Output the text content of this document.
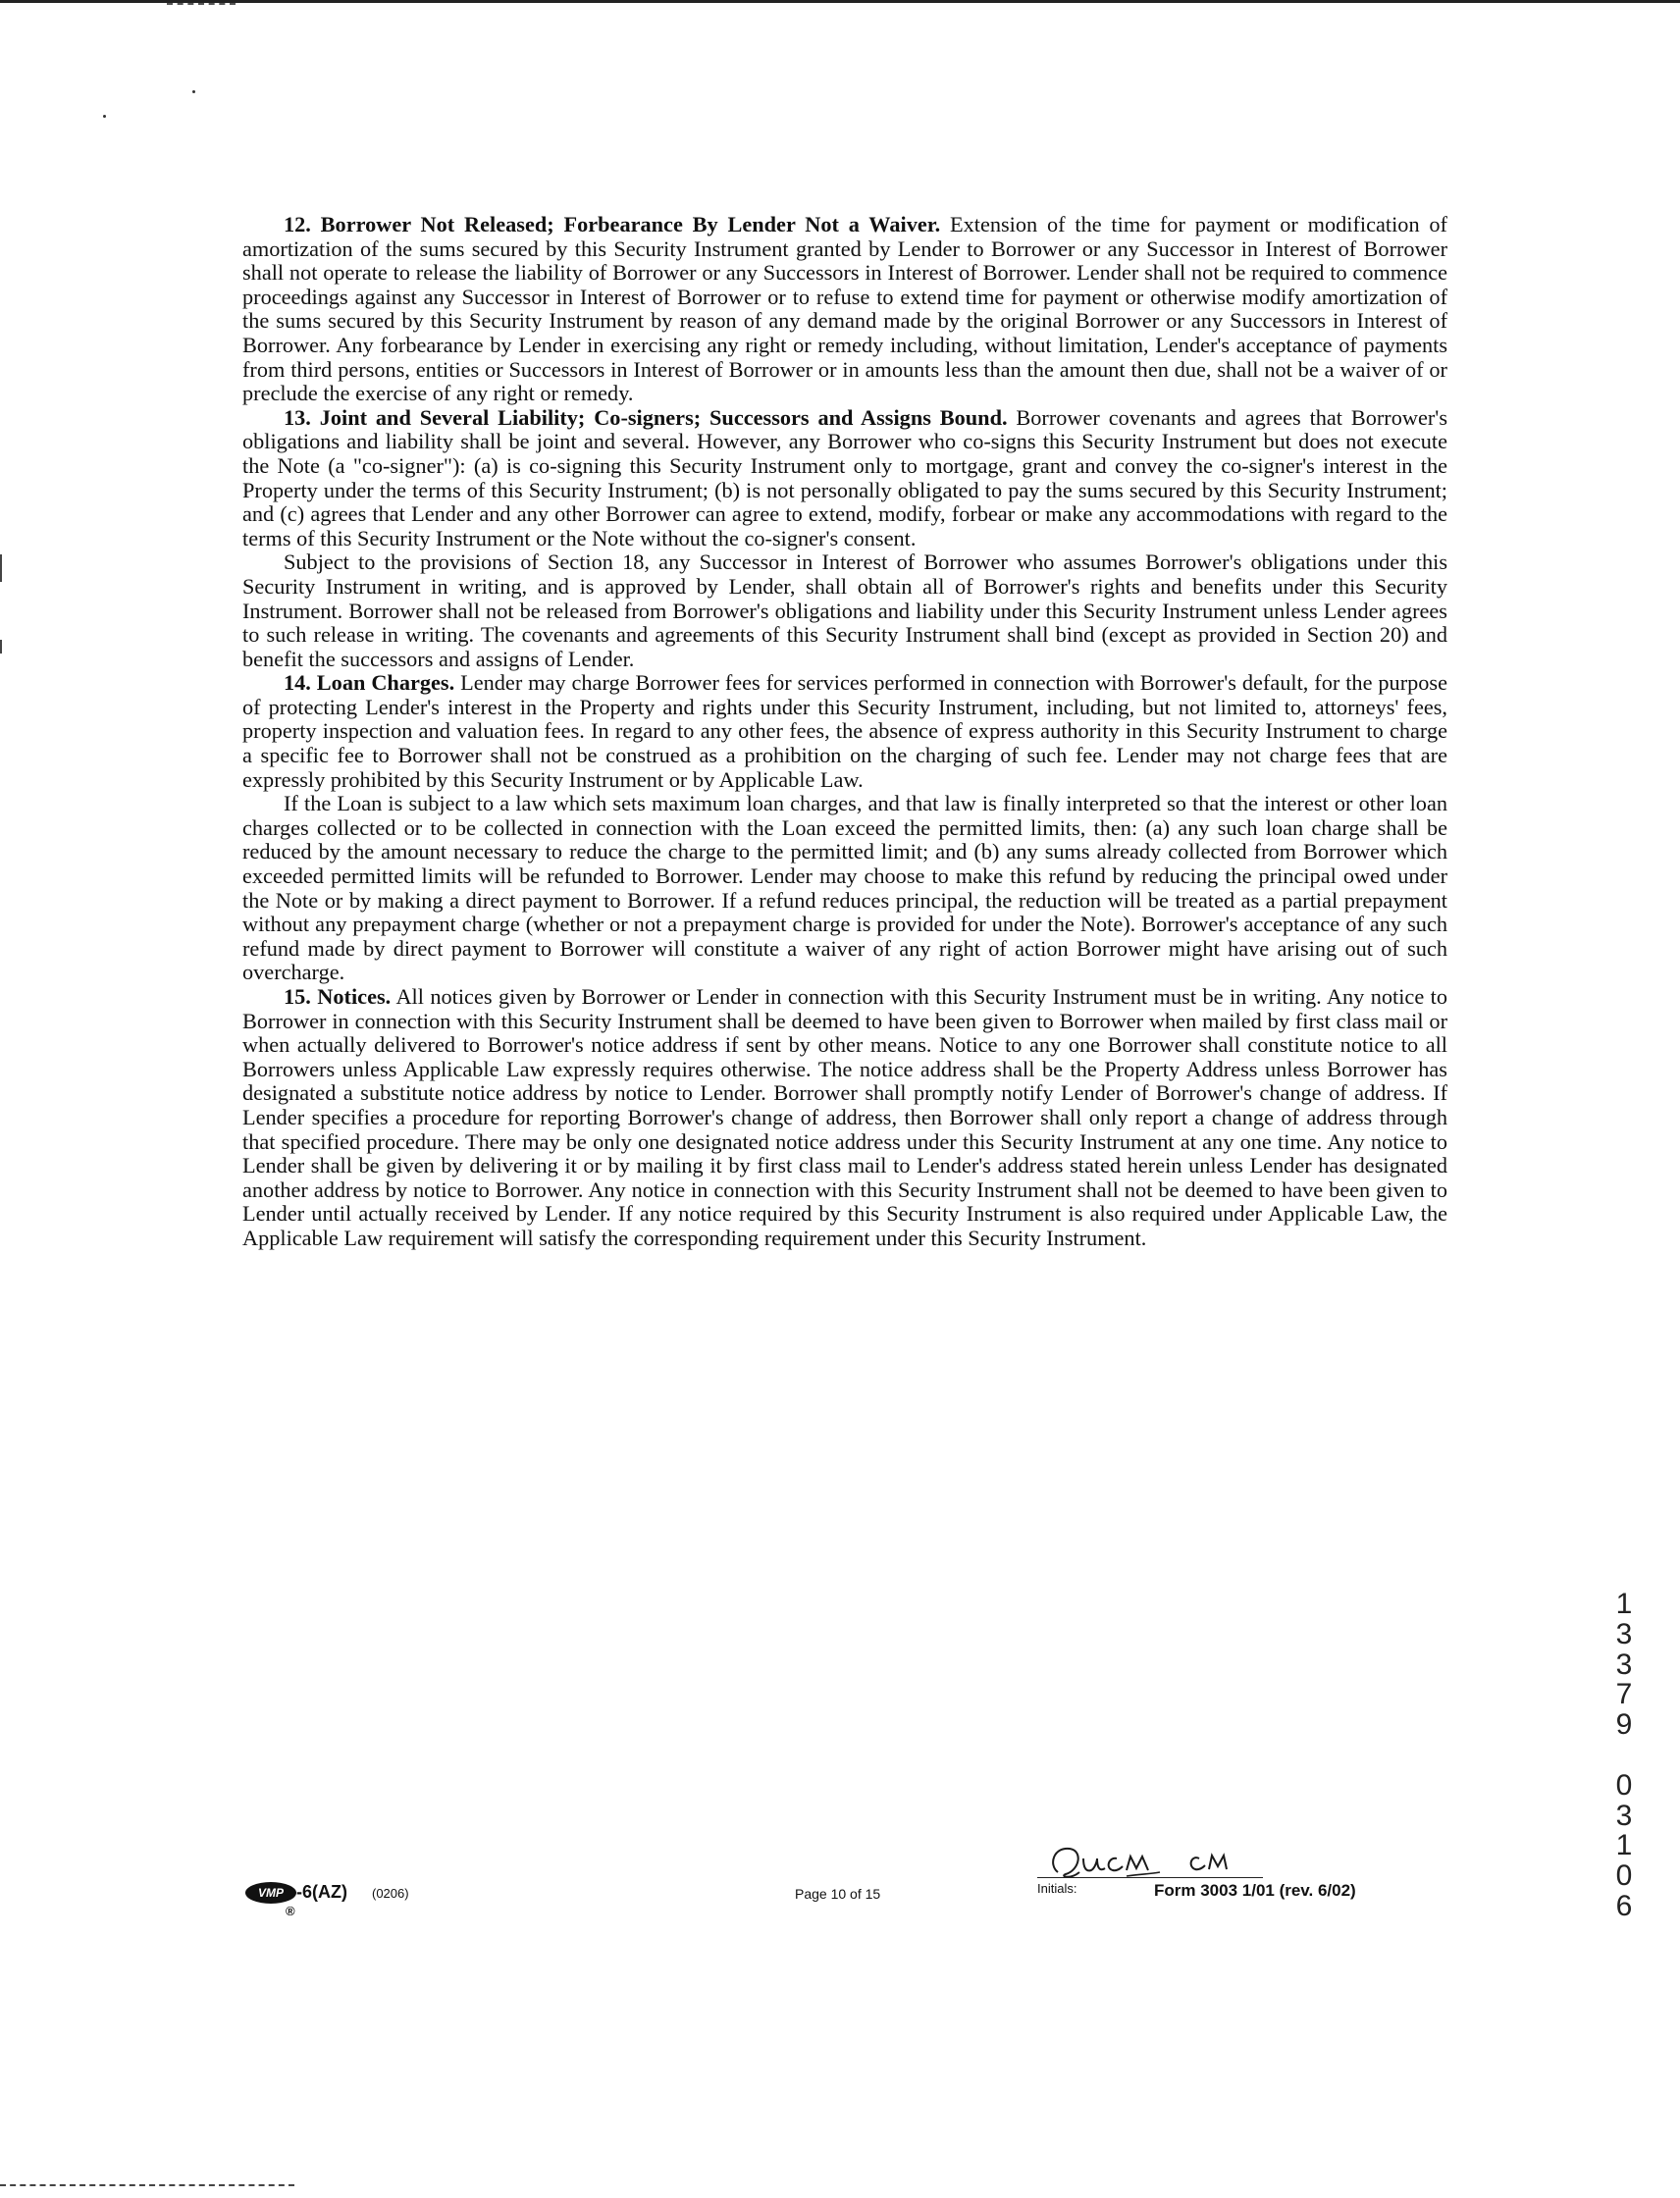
12. Borrower Not Released; Forbearance By Lender Not a Waiver. Extension of the time for payment or modification of amortization of the sums secured by this Security Instrument granted by Lender to Borrower or any Successor in Interest of Borrower shall not operate to release the liability of Borrower or any Successors in Interest of Borrower. Lender shall not be required to commence proceedings against any Successor in Interest of Borrower or to refuse to extend time for payment or otherwise modify amortization of the sums secured by this Security Instrument by reason of any demand made by the original Borrower or any Successors in Interest of Borrower. Any forbearance by Lender in exercising any right or remedy including, without limitation, Lender's acceptance of payments from third persons, entities or Successors in Interest of Borrower or in amounts less than the amount then due, shall not be a waiver of or preclude the exercise of any right or remedy.

13. Joint and Several Liability; Co-signers; Successors and Assigns Bound. Borrower covenants and agrees that Borrower's obligations and liability shall be joint and several. However, any Borrower who co-signs this Security Instrument but does not execute the Note (a "co-signer"): (a) is co-signing this Security Instrument only to mortgage, grant and convey the co-signer's interest in the Property under the terms of this Security Instrument; (b) is not personally obligated to pay the sums secured by this Security Instrument; and (c) agrees that Lender and any other Borrower can agree to extend, modify, forbear or make any accommodations with regard to the terms of this Security Instrument or the Note without the co-signer's consent.

Subject to the provisions of Section 18, any Successor in Interest of Borrower who assumes Borrower's obligations under this Security Instrument in writing, and is approved by Lender, shall obtain all of Borrower's rights and benefits under this Security Instrument. Borrower shall not be released from Borrower's obligations and liability under this Security Instrument unless Lender agrees to such release in writing. The covenants and agreements of this Security Instrument shall bind (except as provided in Section 20) and benefit the successors and assigns of Lender.

14. Loan Charges. Lender may charge Borrower fees for services performed in connection with Borrower's default, for the purpose of protecting Lender's interest in the Property and rights under this Security Instrument, including, but not limited to, attorneys' fees, property inspection and valuation fees. In regard to any other fees, the absence of express authority in this Security Instrument to charge a specific fee to Borrower shall not be construed as a prohibition on the charging of such fee. Lender may not charge fees that are expressly prohibited by this Security Instrument or by Applicable Law.

If the Loan is subject to a law which sets maximum loan charges, and that law is finally interpreted so that the interest or other loan charges collected or to be collected in connection with the Loan exceed the permitted limits, then: (a) any such loan charge shall be reduced by the amount necessary to reduce the charge to the permitted limit; and (b) any sums already collected from Borrower which exceeded permitted limits will be refunded to Borrower. Lender may choose to make this refund by reducing the principal owed under the Note or by making a direct payment to Borrower. If a refund reduces principal, the reduction will be treated as a partial prepayment without any prepayment charge (whether or not a prepayment charge is provided for under the Note). Borrower's acceptance of any such refund made by direct payment to Borrower will constitute a waiver of any right of action Borrower might have arising out of such overcharge.

15. Notices. All notices given by Borrower or Lender in connection with this Security Instrument must be in writing. Any notice to Borrower in connection with this Security Instrument shall be deemed to have been given to Borrower when mailed by first class mail or when actually delivered to Borrower's notice address if sent by other means. Notice to any one Borrower shall constitute notice to all Borrowers unless Applicable Law expressly requires otherwise. The notice address shall be the Property Address unless Borrower has designated a substitute notice address by notice to Lender. Borrower shall promptly notify Lender of Borrower's change of address. If Lender specifies a procedure for reporting Borrower's change of address, then Borrower shall only report a change of address through that specified procedure. There may be only one designated notice address under this Security Instrument at any one time. Any notice to Lender shall be given by delivering it or by mailing it by first class mail to Lender's address stated herein unless Lender has designated another address by notice to Borrower. Any notice in connection with this Security Instrument shall not be deemed to have been given to Lender until actually received by Lender. If any notice required by this Security Instrument is also required under Applicable Law, the Applicable Law requirement will satisfy the corresponding requirement under this Security Instrument.

1
3
3
7
9

0
3
1
0
6
VMP
®
-6(AZ) (0206)	Page 10 of 15	Initials:	Form 3003 1/01 (rev. 6/02)
